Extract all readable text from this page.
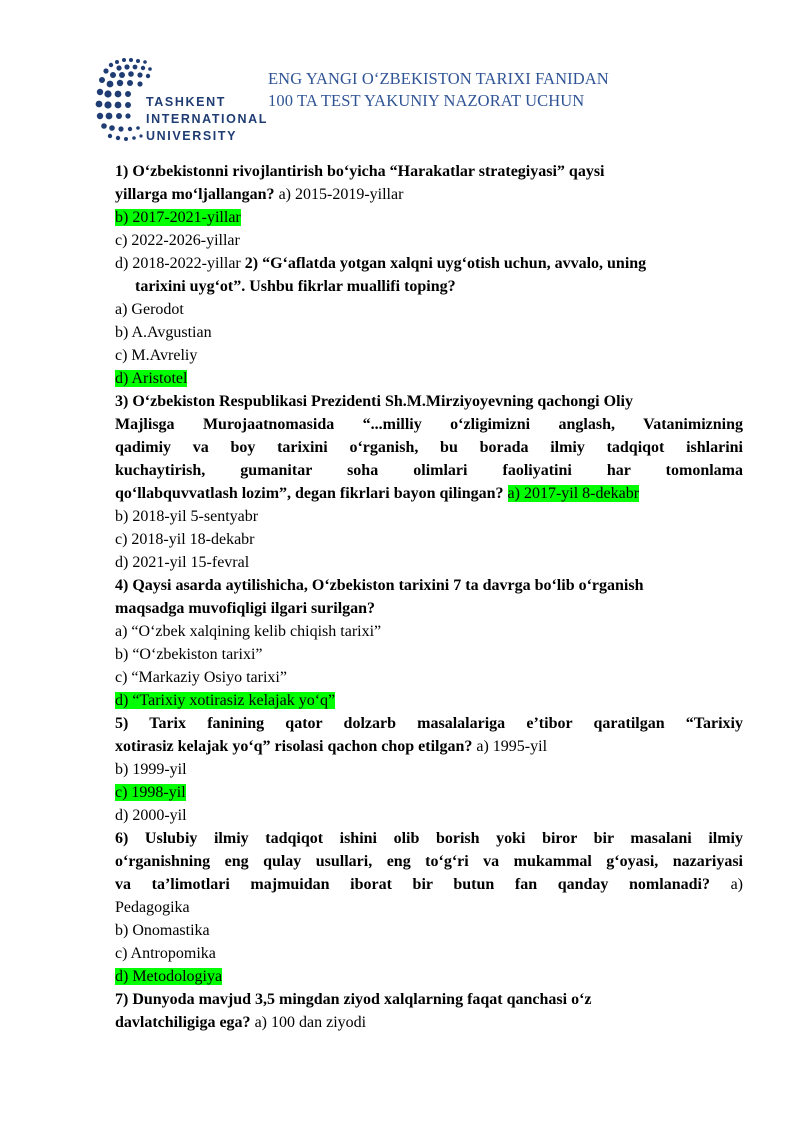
TASHKENT
INTERNATIONAL
UNIVERSITY
ENG YANGI O‘ZBEKISTON TARIXI FANIDAN
100 TA TEST YAKUNIY NAZORAT UCHUN
1) O‘zbekistonni rivojlantirish bo‘yicha “Harakatlar strategiyasi” qaysi
yillarga mo‘ljallangan? a) 2015-2019-yillar
b) 2017-2021-yillar
c) 2022-2026-yillar
d) 2018-2022-yillar 2) “G‘aflatda yotgan xalqni uyg‘otish uchun, avvalo, uning
tarixini uyg‘ot”. Ushbu fikrlar muallifi toping?
a) Gerodot
b) A.Avgustian
c) M.Avreliy
d) Aristotel
3) O‘zbekiston Respublikasi Prezidenti Sh.M.Mirziyoyevning qachongi Oliy
Majlisga Murojaatnomasida “...milliy o‘zligimizni anglash, Vatanimizning
qadimiy va boy tarixini o‘rganish, bu borada ilmiy tadqiqot ishlarini
kuchaytirish, gumanitar soha olimlari faoliyatini har tomonlama
qo‘llabquvvatlash lozim”, degan fikrlari bayon qilingan? a) 2017-yil 8-dekabr
b) 2018-yil 5-sentyabr
c) 2018-yil 18-dekabr
d) 2021-yil 15-fevral
4) Qaysi asarda aytilishicha, O‘zbekiston tarixini 7 ta davrga bo‘lib o‘rganish
maqsadga muvofiqligi ilgari surilgan?
a) “O‘zbek xalqining kelib chiqish tarixi”
b) “O‘zbekiston tarixi”
c) “Markaziy Osiyo tarixi”
d) “Tarixiy xotirasiz kelajak yo‘q”
5) Tarix fanining qator dolzarb masalalariga e’tibor qaratilgan “Tarixiy
xotirasiz kelajak yo‘q” risolasi qachon chop etilgan? a) 1995-yil
b) 1999-yil
c) 1998-yil
d) 2000-yil
6) Uslubiy ilmiy tadqiqot ishini olib borish yoki biror bir masalani ilmiy
o‘rganishning eng qulay usullari, eng to‘g‘ri va mukammal g‘oyasi, nazariyasi
va ta’limotlari majmuidan iborat bir butun fan qanday nomlanadi? a)
Pedagogika
b) Onomastika
c) Antropomika
d) Metodologiya
7) Dunyoda mavjud 3,5 mingdan ziyod xalqlarning faqat qanchasi o‘z
davlatchiligiga ega? a) 100 dan ziyodi
